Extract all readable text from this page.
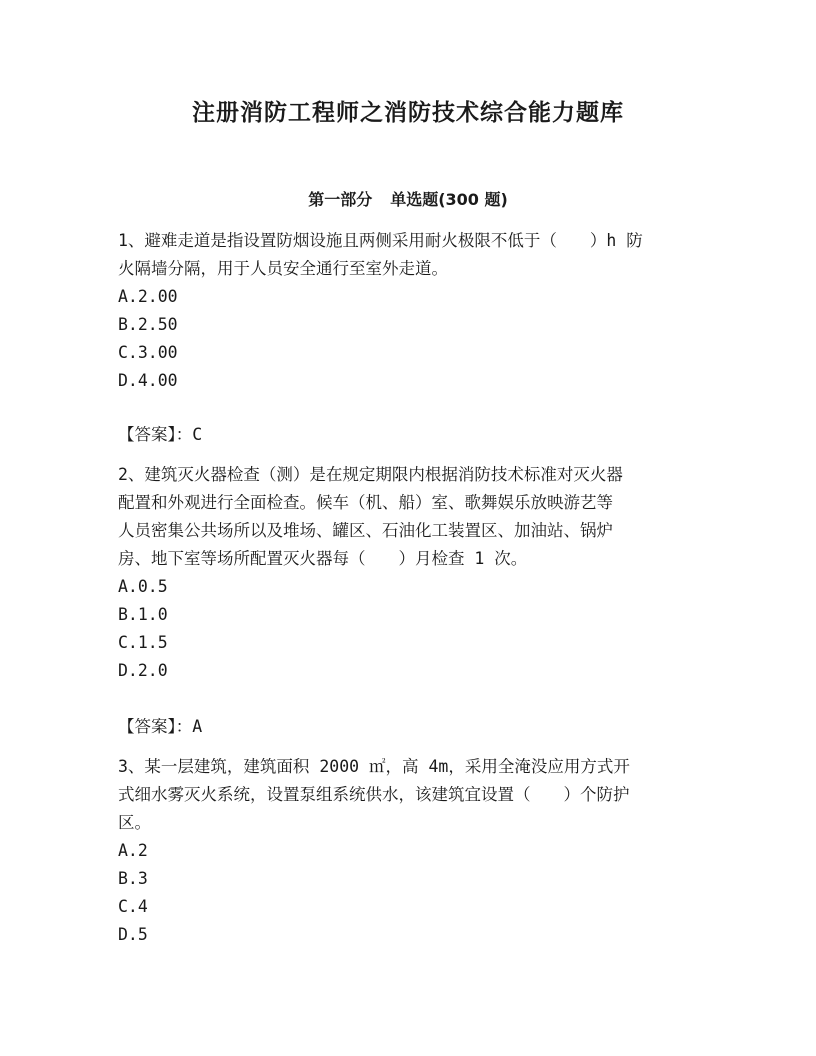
注册消防工程师之消防技术综合能力题库
第一部分 单选题(300 题)

1、避难走道是指设置防烟设施且两侧采用耐火极限不低于（　　）h 防

火隔墙分隔，用于人员安全通行至室外走道。

A.2.00

B.2.50

C.3.00

D.4.00

【答案】：C

2、建筑灭火器检查（测）是在规定期限内根据消防技术标准对灭火器

配置和外观进行全面检查。候车（机、船）室、歌舞娱乐放映游艺等

人员密集公共场所以及堆场、罐区、石油化工装置区、加油站、锅炉

房、地下室等场所配置灭火器每（　　）月检查 1 次。

A.0.5

B.1.0

C.1.5

D.2.0

【答案】：A

3、某一层建筑，建筑面积 2000 ㎡，高 4m，采用全淹没应用方式开

式细水雾灭火系统，设置泵组系统供水，该建筑宜设置（　　）个防护

区。

A.2

B.3

C.4

D.5
